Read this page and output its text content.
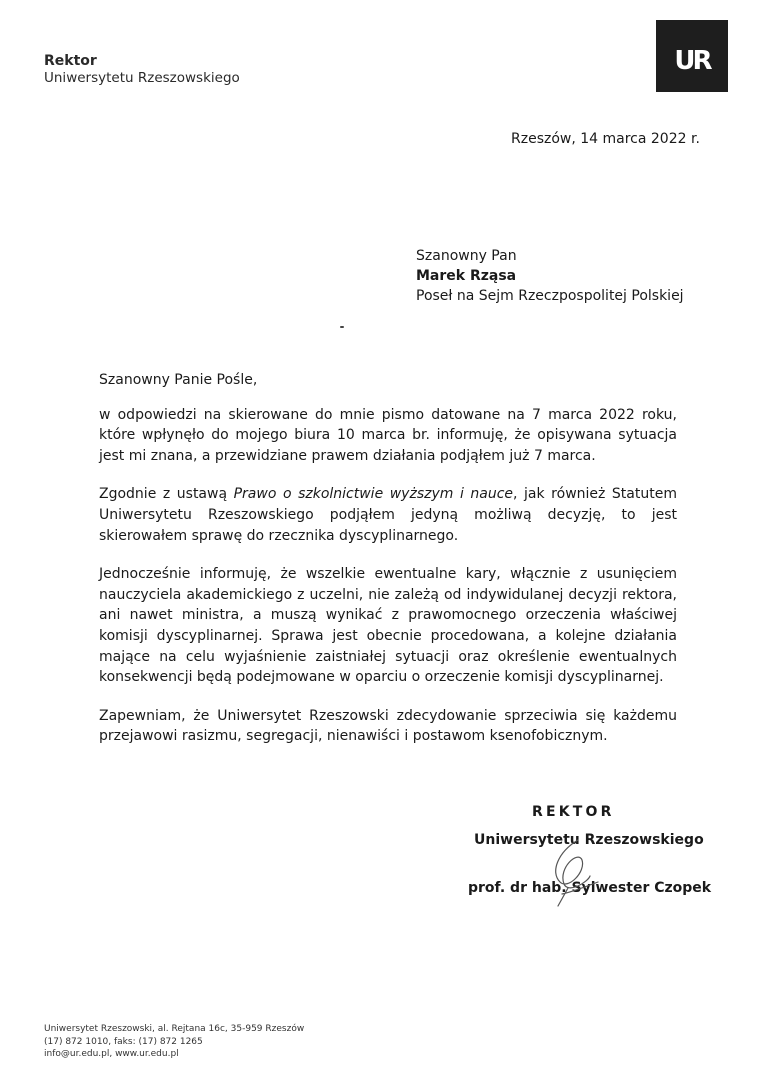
Rektor
Uniwersytetu Rzeszowskiego
UR
Rzeszów, 14 marca 2022 r.
Szanowny Pan
Marek Rząsa
Poseł na Sejm Rzeczpospolitej Polskiej

Szanowny Panie Pośle,

w odpowiedzi na skierowane do mnie pismo datowane na 7 marca 2022 roku, które wpłynęło do mojego biura 10 marca br. informuję, że opisywana sytuacja jest mi znana, a przewidziane prawem działania podjąłem już 7 marca.

Zgodnie z ustawą Prawo o szkolnictwie wyższym i nauce, jak również Statutem Uniwersytetu Rzeszowskiego podjąłem jedyną możliwą decyzję, to jest skierowałem sprawę do rzecznika dyscyplinarnego.

Jednocześnie informuję, że wszelkie ewentualne kary, włącznie z usunięciem nauczyciela akademickiego z uczelni, nie zależą od indywidulanej decyzji rektora, ani nawet ministra, a muszą wynikać z prawomocnego orzeczenia właściwej komisji dyscyplinarnej. Sprawa jest obecnie procedowana, a kolejne działania mające na celu wyjaśnienie zaistniałej sytuacji oraz określenie ewentualnych konsekwencji będą podejmowane w oparciu o orzeczenie komisji dyscyplinarnej.

Zapewniam, że Uniwersytet Rzeszowski zdecydowanie sprzeciwia się każdemu przejawowi rasizmu, segregacji, nienawiści i postawom ksenofobicznym.

REKTOR
Uniwersytetu Rzeszowskiego
prof. dr hab. Sylwester Czopek
Uniwersytet Rzeszowski, al. Rejtana 16c, 35-959 Rzeszów
(17) 872 1010, faks: (17) 872 1265
info@ur.edu.pl, www.ur.edu.pl
